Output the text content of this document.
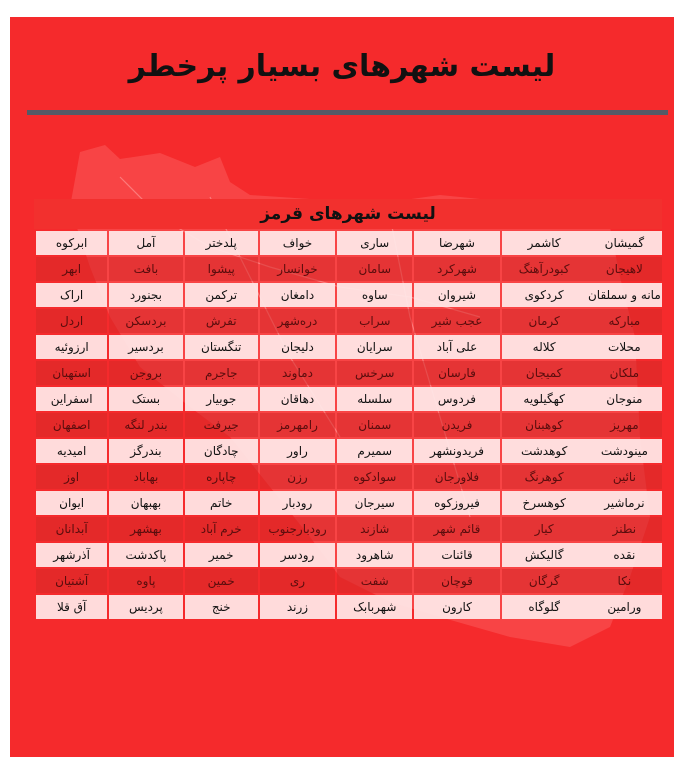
لیست شهرهای بسیار پرخطر
لیست شهرهای قرمز
ابرکوه	آمل	پلدختر	خواف	ساری	شهرضا	کاشمر	گمیشان
ابهر	بافت	پیشوا	خوانسار	سامان	شهرکرد	کبودرآهنگ	لاهیجان
اراک	بجنورد	ترکمن	دامغان	ساوه	شیروان	کردکوی	مانه و سملقان
اردل	بردسکن	تفرش	دره‌شهر	سراب	عجب شیر	کرمان	مبارکه
ارزوئیه	بردسیر	تنگستان	دلیجان	سرایان	علی آباد	کلاله	محلات
استهبان	بروجن	جاجرم	دماوند	سرخس	فارسان	کمیجان	ملکان
اسفراین	بستک	جوبیار	دهاقان	سلسله	فردوس	کهگیلویه	منوجان
اصفهان	بندر لنگه	جیرفت	رامهرمز	سمنان	فریدن	کوهبنان	مهریز
امیدیه	بندرگز	چادگان	راور	سمیرم	فریدونشهر	کوهدشت	مینودشت
اوز	بهاباد	چاپاره	رزن	سوادکوه	فلاورجان	کوهرنگ	نائین
ایوان	بهبهان	خاتم	رودبار	سیرجان	فیروزکوه	کوهسرخ	نرماشیر
آبدانان	بهشهر	خرم آباد	رودبارجنوب	شازند	قائم شهر	کیار	نطنز
آذرشهر	پاکدشت	خمیر	رودسر	شاهرود	قائنات	گالیکش	نقده
آشتیان	پاوه	خمین	ری	شفت	قوچان	گرگان	نکا
آق قلا	پردیس	خنج	زرند	شهربابک	کارون	گلوگاه	ورامین
